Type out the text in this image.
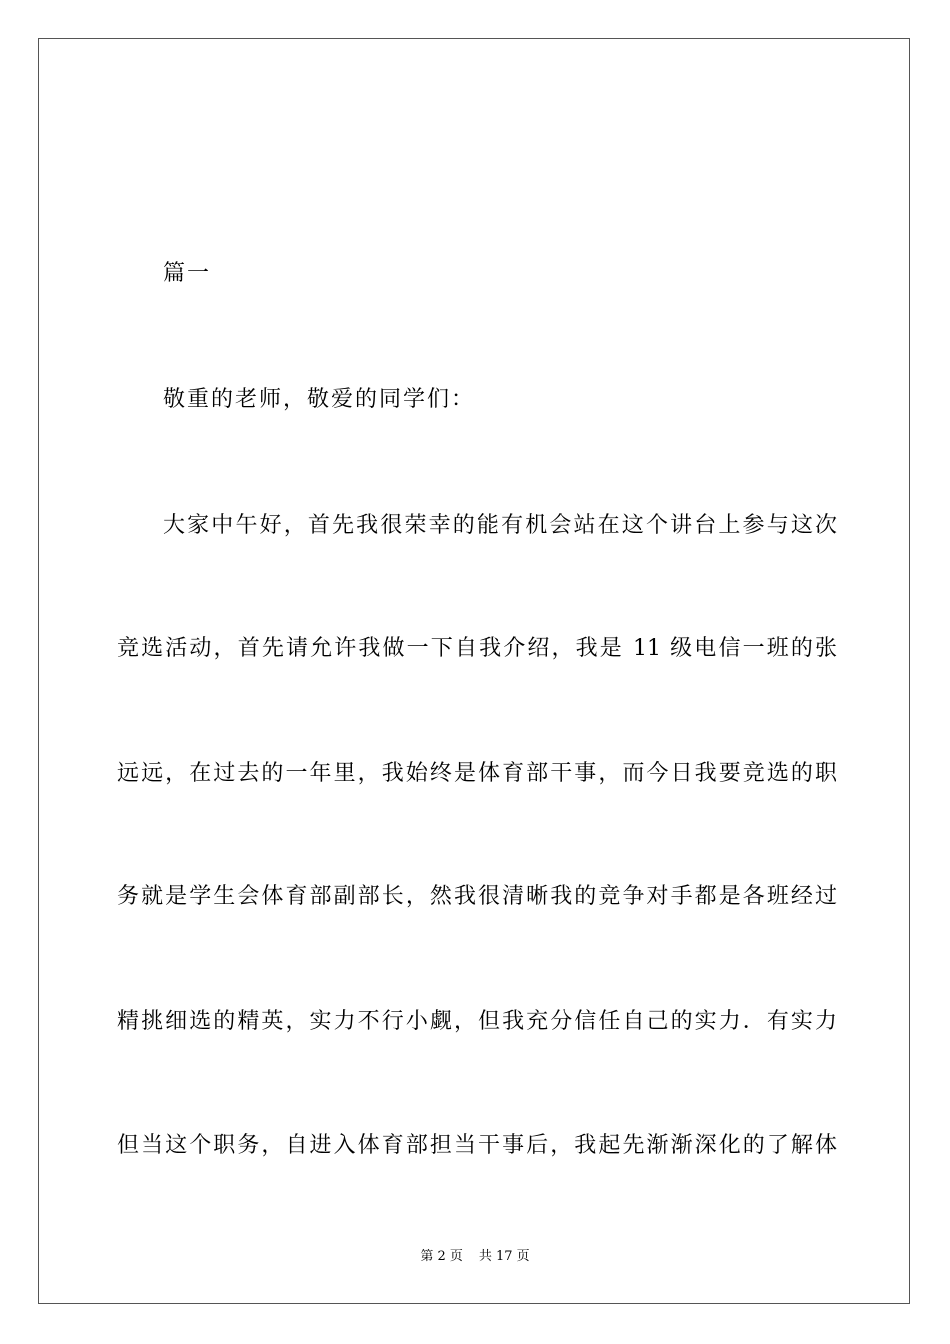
篇一
敬重的老师，敬爱的同学们：
大家中午好，首先我很荣幸的能有机会站在这个讲台上参与这次
竞选活动，首先请允许我做一下自我介绍，我是 11 级电信一班的张
远远，在过去的一年里，我始终是体育部干事，而今日我要竞选的职
务就是学生会体育部副部长，然我很清晰我的竞争对手都是各班经过
精挑细选的精英，实力不行小觑，但我充分信任自己的实力．有实力
但当这个职务，自进入体育部担当干事后，我起先渐渐深化的了解体
第 2 页 共 17 页
